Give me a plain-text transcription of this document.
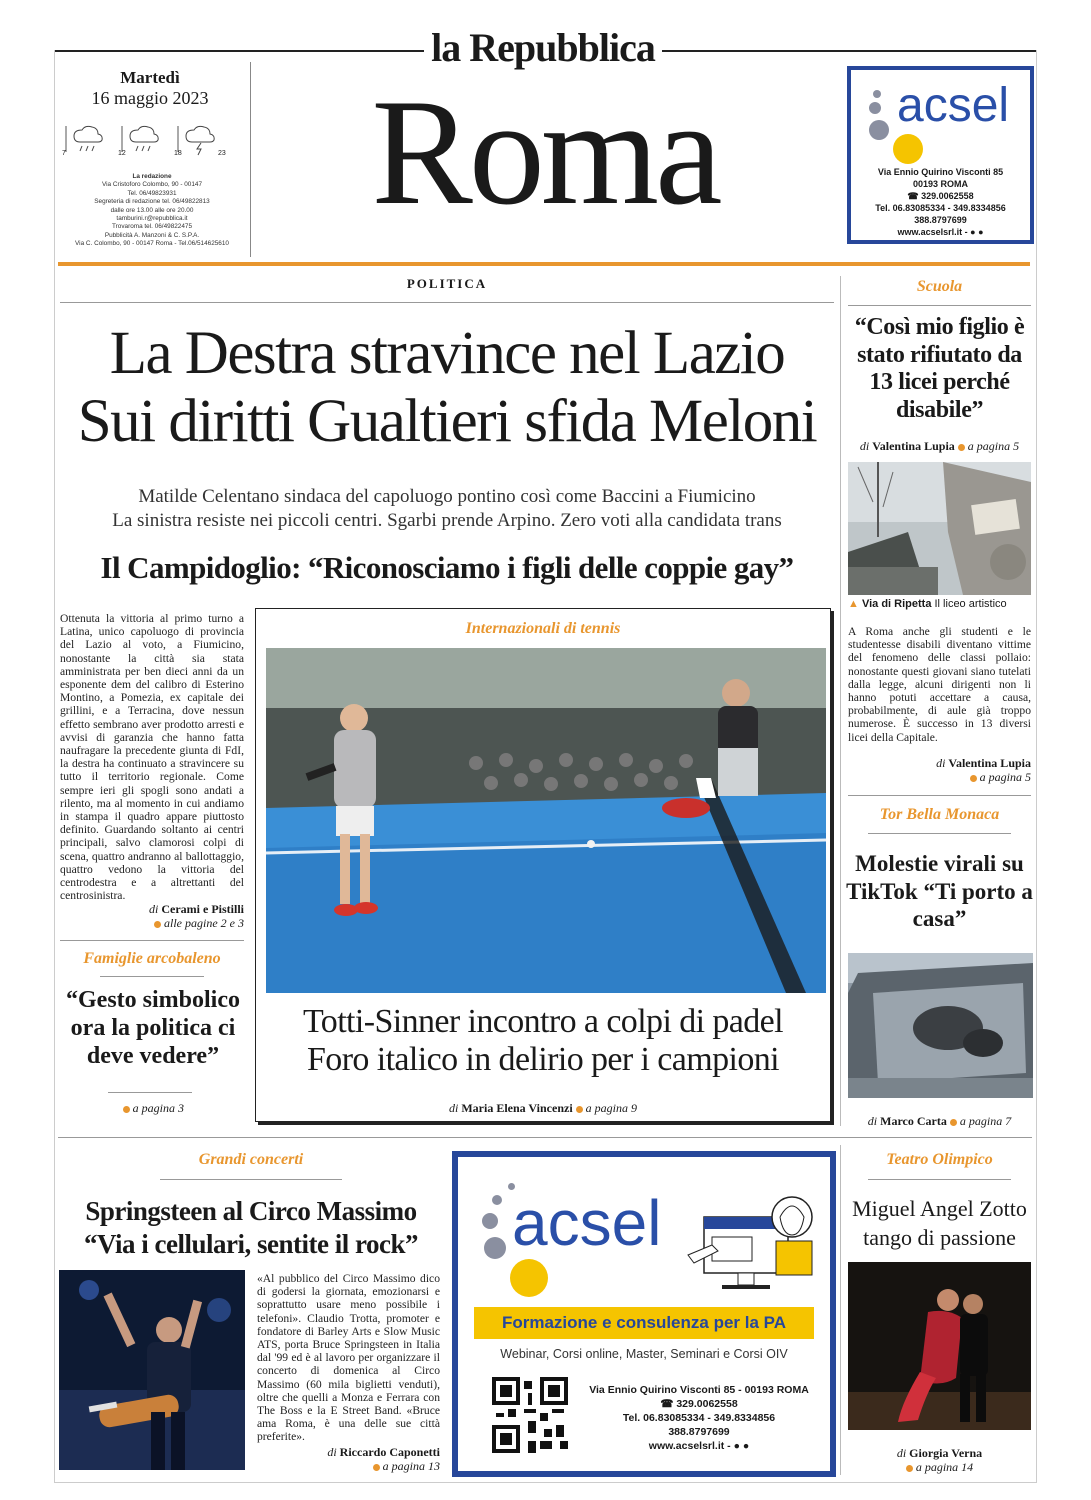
la Repubblica
Roma
Martedì
16 maggio 2023
7	12	18	23
La redazione
Via Cristoforo Colombo, 90 - 00147
Tel. 06/49823931
Segreteria di redazione tel. 06/49822813
dalle ore 13.00 alle ore 20.00
tamburini.r@repubblica.it
Trovaroma tel. 06/49822475
Pubblicità A. Manzoni & C. S.P.A.
Via C. Colombo, 90 - 00147 Roma - Tel.06/514625610
acsel
Via Ennio Quirino Visconti 85
00193 ROMA
☎ 329.0062558
Tel. 06.83085334 - 349.8334856
388.8797699
www.acselsrl.it - ● ●
POLITICA
La Destra stravince nel Lazio
Sui diritti Gualtieri sfida Meloni
Matilde Celentano sindaca del capoluogo pontino così come Baccini a Fiumicino
La sinistra resiste nei piccoli centri. Sgarbi prende Arpino. Zero voti alla candidata trans
Il Campidoglio: “Riconosciamo i figli delle coppie gay”
Ottenuta la vittoria al primo turno a Latina, unico capoluogo di provincia del Lazio al voto, a Fiumicino, nonostante la città sia stata amministrata per ben dieci anni da un esponente dem del calibro di Esterino Montino, a Pomezia, ex capitale dei grillini, e a Terracina, dove nessun effetto sembrano aver prodotto arresti e avvisi di garanzia che hanno fatta naufragare la precedente giunta di FdI, la destra ha continuato a stravincere su tutto il territorio regionale. Come sempre ieri gli spogli sono andati a rilento, ma al momento in cui andiamo in stampa il quadro appare piuttosto definito. Guardando soltanto ai centri principali, salvo clamorosi colpi di scena, quattro andranno al ballottaggio, quattro vedono la vittoria del centrodestra e a altrettanti del centrosinistra.
di Cerami e Pistilli
alle pagine 2 e 3
Famiglie arcobaleno
“Gesto simbolico ora la politica ci deve vedere”
a pagina 3
Internazionali di tennis
Totti-Sinner incontro a colpi di padel
Foro italico in delirio per i campioni
di Maria Elena Vincenzi a pagina 9
Scuola
“Così mio figlio è stato rifiutato da 13 licei perché disabile”
di Valentina Lupia a pagina 5
▲ Via di Ripetta Il liceo artistico
A Roma anche gli studenti e le studentesse disabili diventano vittime del fenomeno delle classi pollaio: nonostante questi giovani siano tutelati dalla legge, alcuni dirigenti non li hanno potuti accettare a causa, probabilmente, di aule già troppo numerose. È successo in 13 diversi licei della Capitale.
di Valentina Lupia
a pagina 5
Tor Bella Monaca
Molestie virali su TikTok “Ti porto a casa”
di Marco Carta a pagina 7
Grandi concerti
Springsteen al Circo Massimo
“Via i cellulari, sentite il rock”
«Al pubblico del Circo Massimo dico di godersi la giornata, emozionarsi e soprattutto usare meno possibile i telefoni». Claudio Trotta, promoter e fondatore di Barley Arts e Slow Music ATS, porta Bruce Springsteen in Italia dal '99 ed è al lavoro per organizzare il concerto di domenica al Circo Massimo (60 mila biglietti venduti), oltre che quelli a Monza e Ferrara con The Boss e la E Street Band. «Bruce ama Roma, è una delle sue città preferite».
di Riccardo Caponetti
a pagina 13
acsel
Formazione e consulenza per la PA
Webinar, Corsi online, Master, Seminari e Corsi OIV
Via Ennio Quirino Visconti 85 - 00193 ROMA
☎ 329.0062558
Tel. 06.83085334 - 349.8334856
388.8797699
www.acselsrl.it - ● ●
Teatro Olimpico
Miguel Angel Zotto tango di passione
di Giorgia Verna
a pagina 14
